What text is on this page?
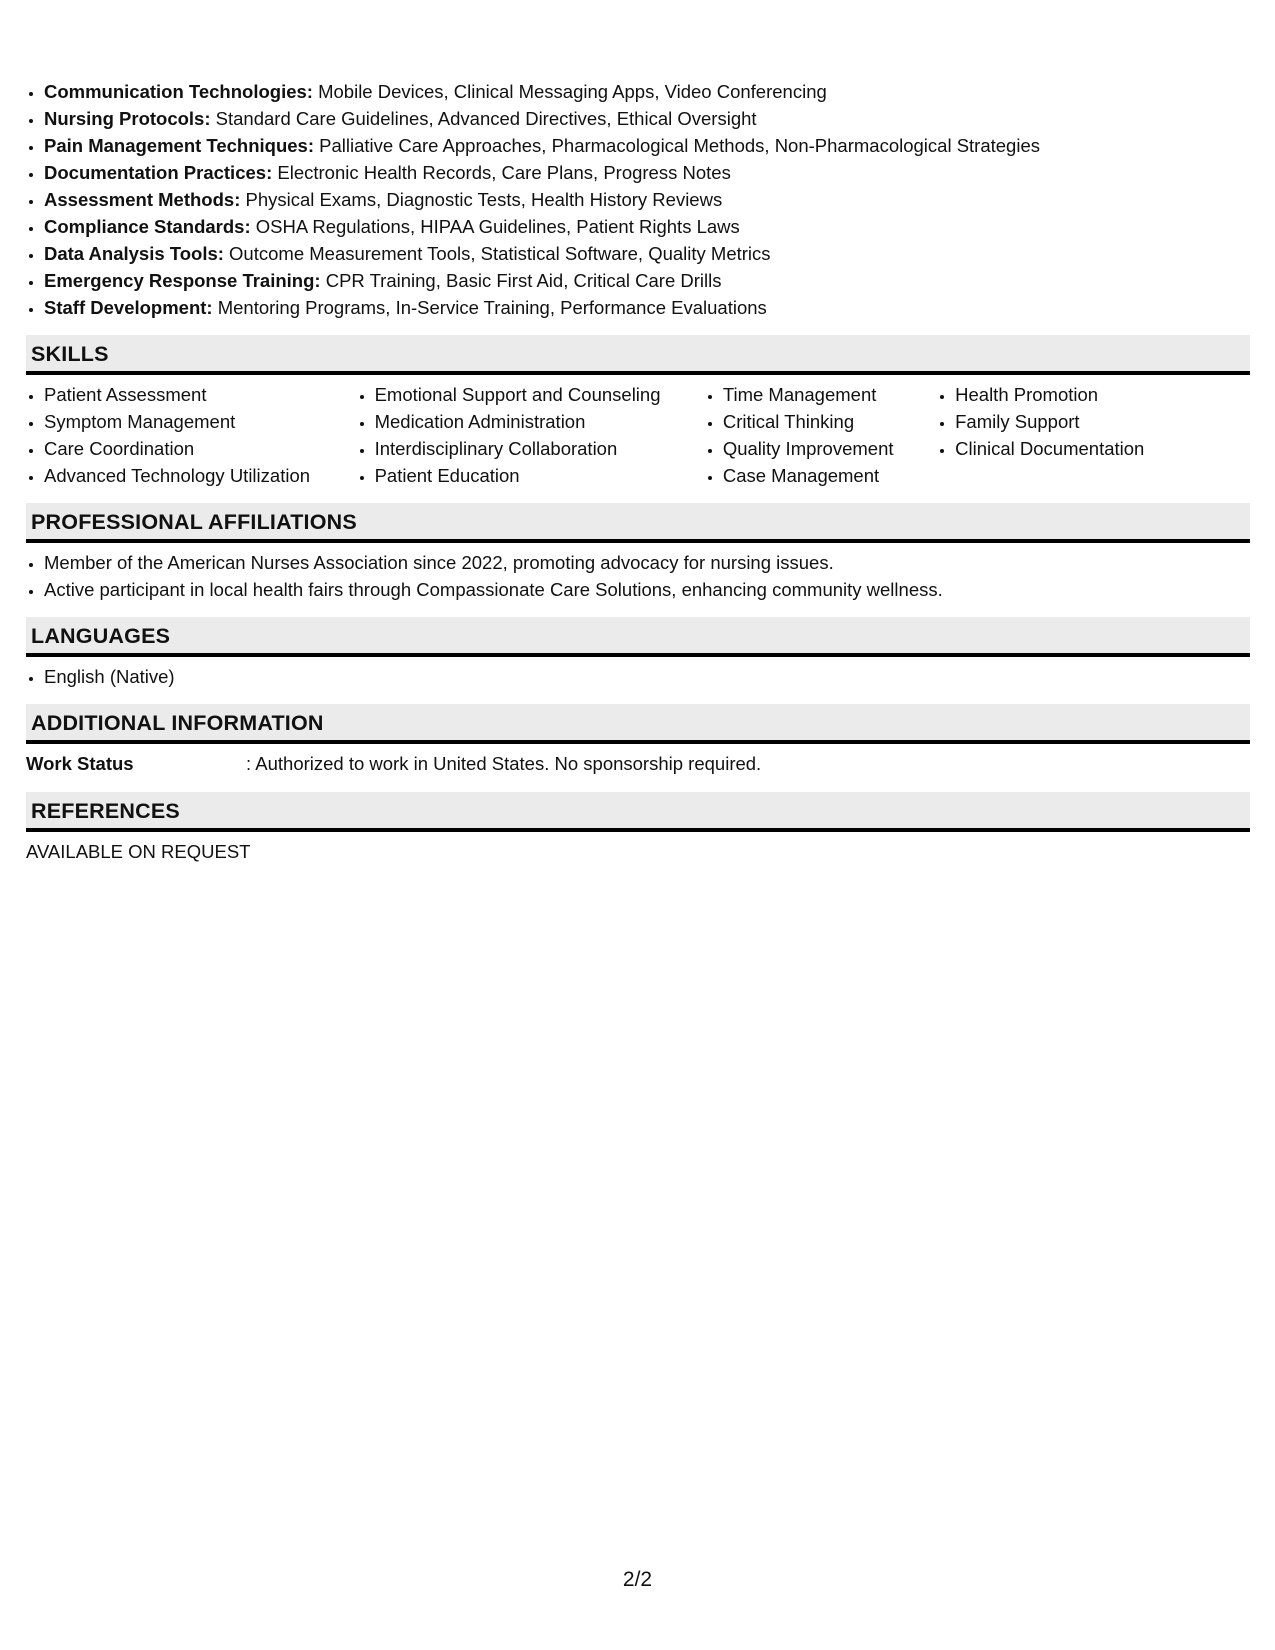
• Communication Technologies: Mobile Devices, Clinical Messaging Apps, Video Conferencing
• Nursing Protocols: Standard Care Guidelines, Advanced Directives, Ethical Oversight
• Pain Management Techniques: Palliative Care Approaches, Pharmacological Methods, Non-Pharmacological Strategies
• Documentation Practices: Electronic Health Records, Care Plans, Progress Notes
• Assessment Methods: Physical Exams, Diagnostic Tests, Health History Reviews
• Compliance Standards: OSHA Regulations, HIPAA Guidelines, Patient Rights Laws
• Data Analysis Tools: Outcome Measurement Tools, Statistical Software, Quality Metrics
• Emergency Response Training: CPR Training, Basic First Aid, Critical Care Drills
• Staff Development: Mentoring Programs, In-Service Training, Performance Evaluations
SKILLS
• Patient Assessment
• Symptom Management
• Care Coordination
• Advanced Technology Utilization
• Emotional Support and Counseling
• Medication Administration
• Interdisciplinary Collaboration
• Patient Education
• Time Management
• Critical Thinking
• Quality Improvement
• Case Management
• Health Promotion
• Family Support
• Clinical Documentation
PROFESSIONAL AFFILIATIONS
• Member of the American Nurses Association since 2022, promoting advocacy for nursing issues.
• Active participant in local health fairs through Compassionate Care Solutions, enhancing community wellness.
LANGUAGES
• English (Native)
ADDITIONAL INFORMATION
Work Status	: Authorized to work in United States. No sponsorship required.
REFERENCES
AVAILABLE ON REQUEST
2/2
